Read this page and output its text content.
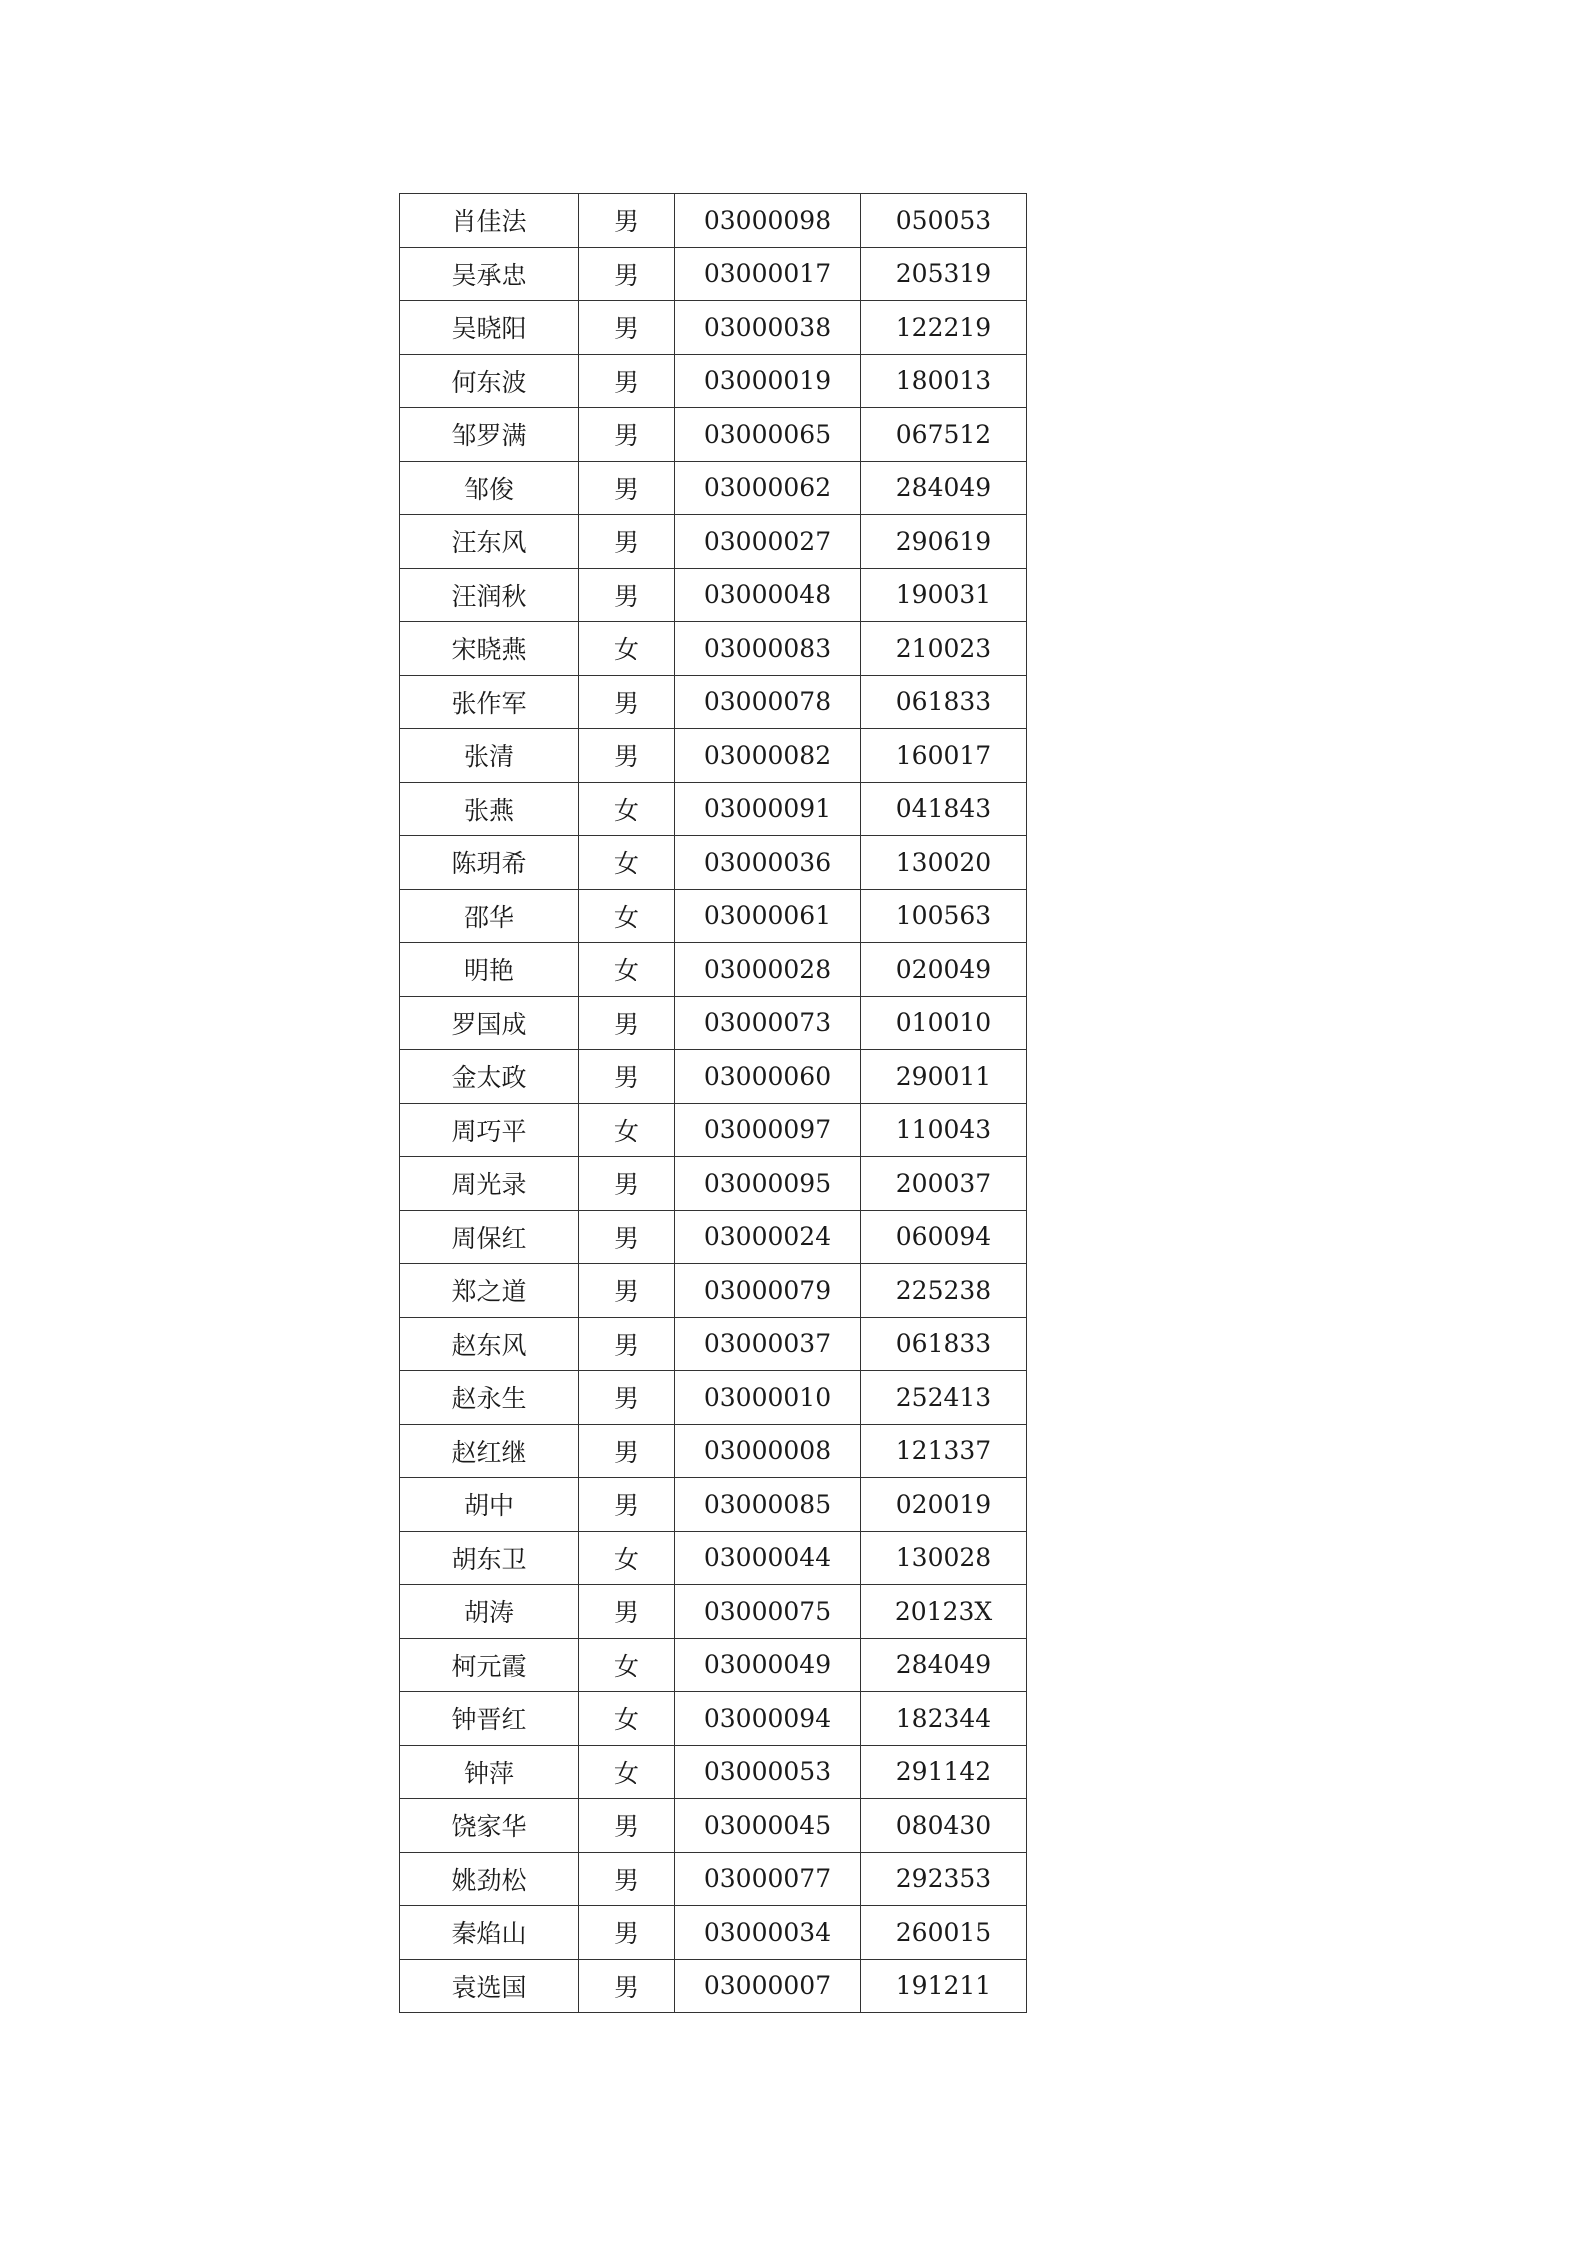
肖佳法	男	03000098	050053
吴承忠	男	03000017	205319
吴晓阳	男	03000038	122219
何东波	男	03000019	180013
邹罗满	男	03000065	067512
邹俊	男	03000062	284049
汪东风	男	03000027	290619
汪润秋	男	03000048	190031
宋晓燕	女	03000083	210023
张作军	男	03000078	061833
张清	男	03000082	160017
张燕	女	03000091	041843
陈玥希	女	03000036	130020
邵华	女	03000061	100563
明艳	女	03000028	020049
罗国成	男	03000073	010010
金太政	男	03000060	290011
周巧平	女	03000097	110043
周光录	男	03000095	200037
周保红	男	03000024	060094
郑之道	男	03000079	225238
赵东风	男	03000037	061833
赵永生	男	03000010	252413
赵红继	男	03000008	121337
胡中	男	03000085	020019
胡东卫	女	03000044	130028
胡涛	男	03000075	20123X
柯元霞	女	03000049	284049
钟晋红	女	03000094	182344
钟萍	女	03000053	291142
饶家华	男	03000045	080430
姚劲松	男	03000077	292353
秦焰山	男	03000034	260015
袁选国	男	03000007	191211
